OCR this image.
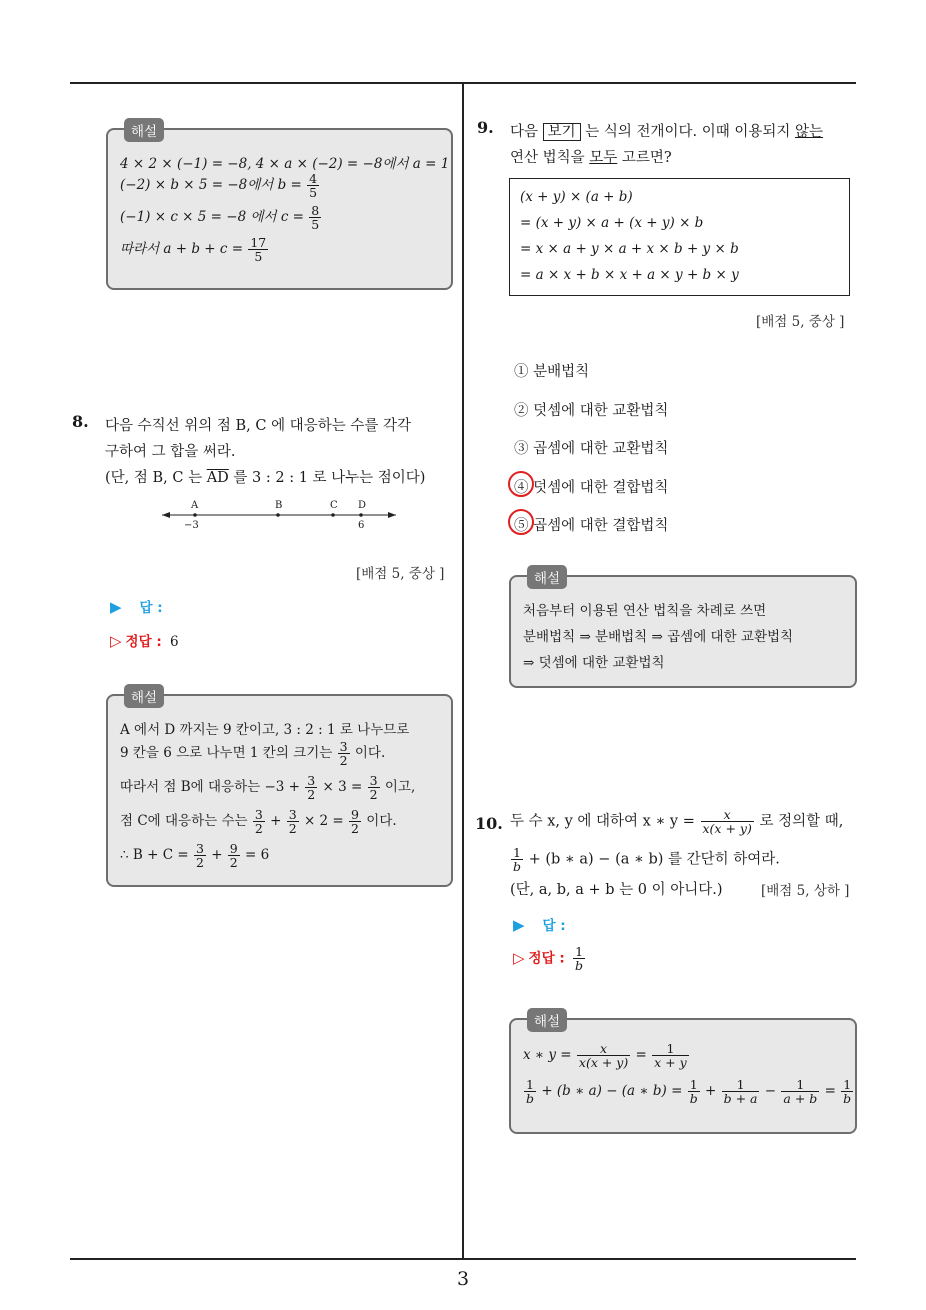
3
해설
4 × 2 × (−1) = −8, 4 × a × (−2) = −8에서 a = 1
(−2) × b × 5 = −8에서 $b = \frac{4}{5}$
(−1) × c × 5 = −8 에서 $c = \frac{8}{5}$
따라서 $a + b + c = \frac{17}{5}$
8. 다음 수직선 위의 점 B, C 에 대응하는 수를 각각
구하여 그 합을 써라.
(단, 점 B, C 는 $\overline{AD}$ 를 3 : 2 : 1 로 나누는 점이다)
A	B	C D
−3	6
[배점 5, 중상 ]
▶ 답 :
▷ 정답 : 6
해설
A 에서 D 까지는 9 칸이고, 3 : 2 : 1 로 나누므로
9 칸을 6 으로 나누면 1 칸의 크기는 $\frac{3}{2}$ 이다.
따라서 점 B에 대응하는 $-3 + \frac{3}{2} \times 3 = \frac{3}{2}$ 이고,
점 C에 대응하는 수는 $\frac{3}{2} + \frac{3}{2} \times 2 = \frac{9}{2}$ 이다.
∴ $B + C = \frac{3}{2} + \frac{9}{2} = 6$
9. 다음 보기 는 식의 전개이다. 이때 이용되지 않는
연산 법칙을 모두 고르면?
(x + y) × (a + b)
= (x + y) × a + (x + y) × b
= x × a + y × a + x × b + y × b
= a × x + b × x + a × y + b × y
[배점 5, 중상 ]
① 분배법칙
② 덧셈에 대한 교환법칙
③ 곱셈에 대한 교환법칙
④ 덧셈에 대한 결합법칙
⑤ 곱셈에 대한 결합법칙
해설
처음부터 이용된 연산 법칙을 차례로 쓰면
분배법칙 ⇒ 분배법칙 ⇒ 곱셈에 대한 교환법칙
⇒ 덧셈에 대한 교환법칙
10. 두 수 x, y 에 대하여 x ∗ $y = \frac{x}{x(x + y)}$ 로 정의할 때,
$\frac{1}{b} + (b$ ∗ a) − (a ∗ b) 를 간단히 하여라.
(단, a, b, a + b 는 0 이 아니다.)	[배점 5, 상하 ]
▶ 답 :
▷ 정답 : $\frac{1}{b}$
해설
x ∗ $y = \frac{x}{x(x + y)} = \frac{1}{x + y}$
$\frac{1}{b} + (b$ ∗ a) − (a ∗ $b) = \frac{1}{b} + \frac{1}{b + a} - \frac{1}{a + b} = \frac{1}{b}$
